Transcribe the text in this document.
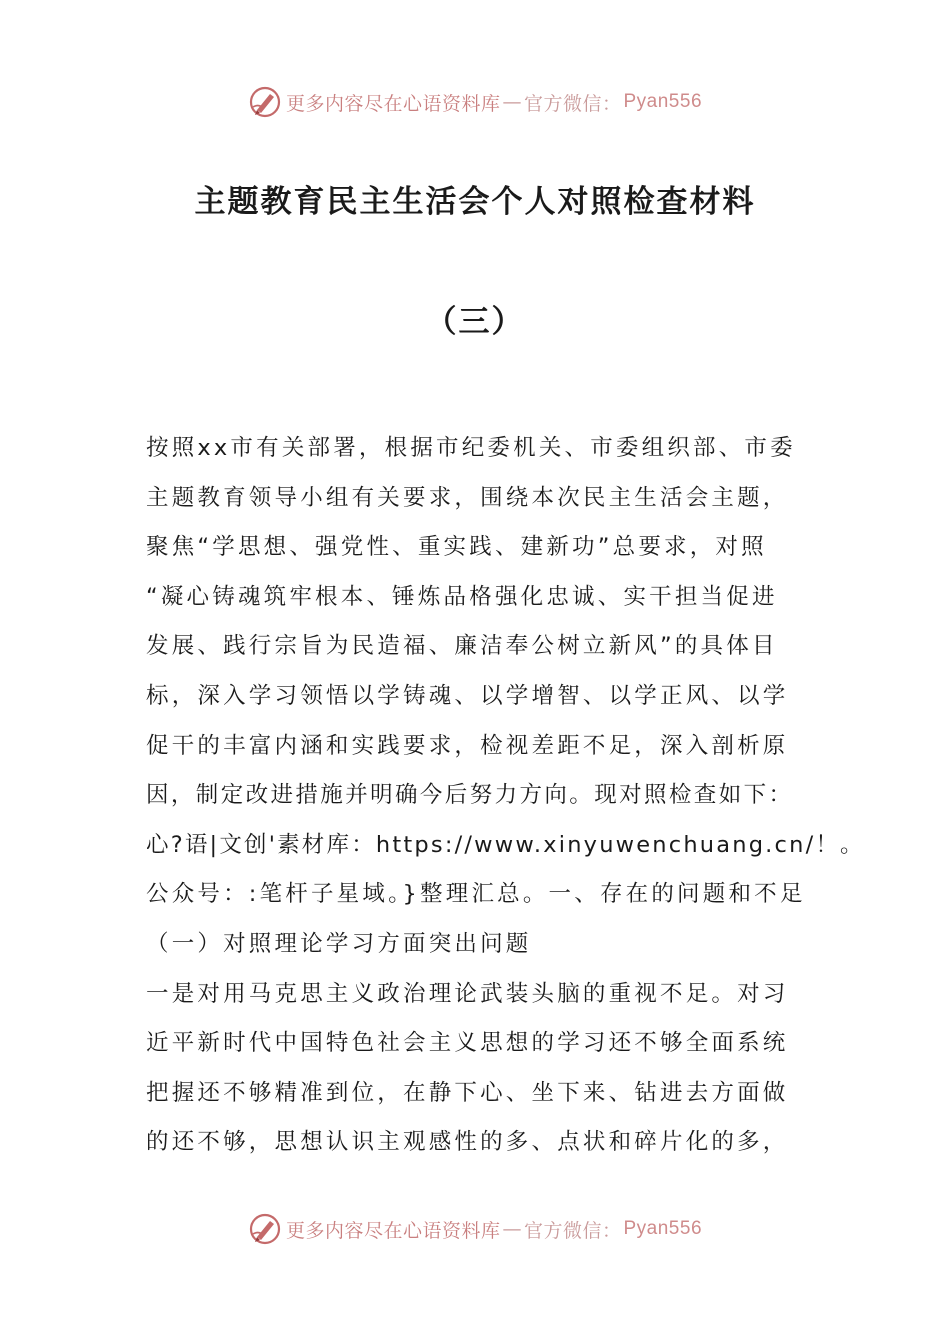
更多内容尽在心语资料库 — 官方微信： Pyan556
主题教育民主生活会个人对照检查材料
（三）
按照xx市有关部署，根据市纪委机关、市委组织部、市委
主题教育领导小组有关要求，围绕本次民主生活会主题，
聚焦“学思想、强党性、重实践、建新功”总要求，对照
“凝心铸魂筑牢根本、锤炼品格强化忠诚、实干担当促进
发展、践行宗旨为民造福、廉洁奉公树立新风”的具体目
标，深入学习领悟以学铸魂、以学增智、以学正风、以学
促干的丰富内涵和实践要求，检视差距不足，深入剖析原
因，制定改进措施并明确今后努力方向。现对照检查如下：
心?语|文创'素材库：https://www.xinyuwenchuang.cn/！。
公众号：:笔杆子星域。}整理汇总。一、存在的问题和不足
（一）对照理论学习方面突出问题
一是对用马克思主义政治理论武装头脑的重视不足。对习
近平新时代中国特色社会主义思想的学习还不够全面系统
把握还不够精准到位，在静下心、坐下来、钻进去方面做
的还不够，思想认识主观感性的多、点状和碎片化的多，
更多内容尽在心语资料库 — 官方微信： Pyan556
